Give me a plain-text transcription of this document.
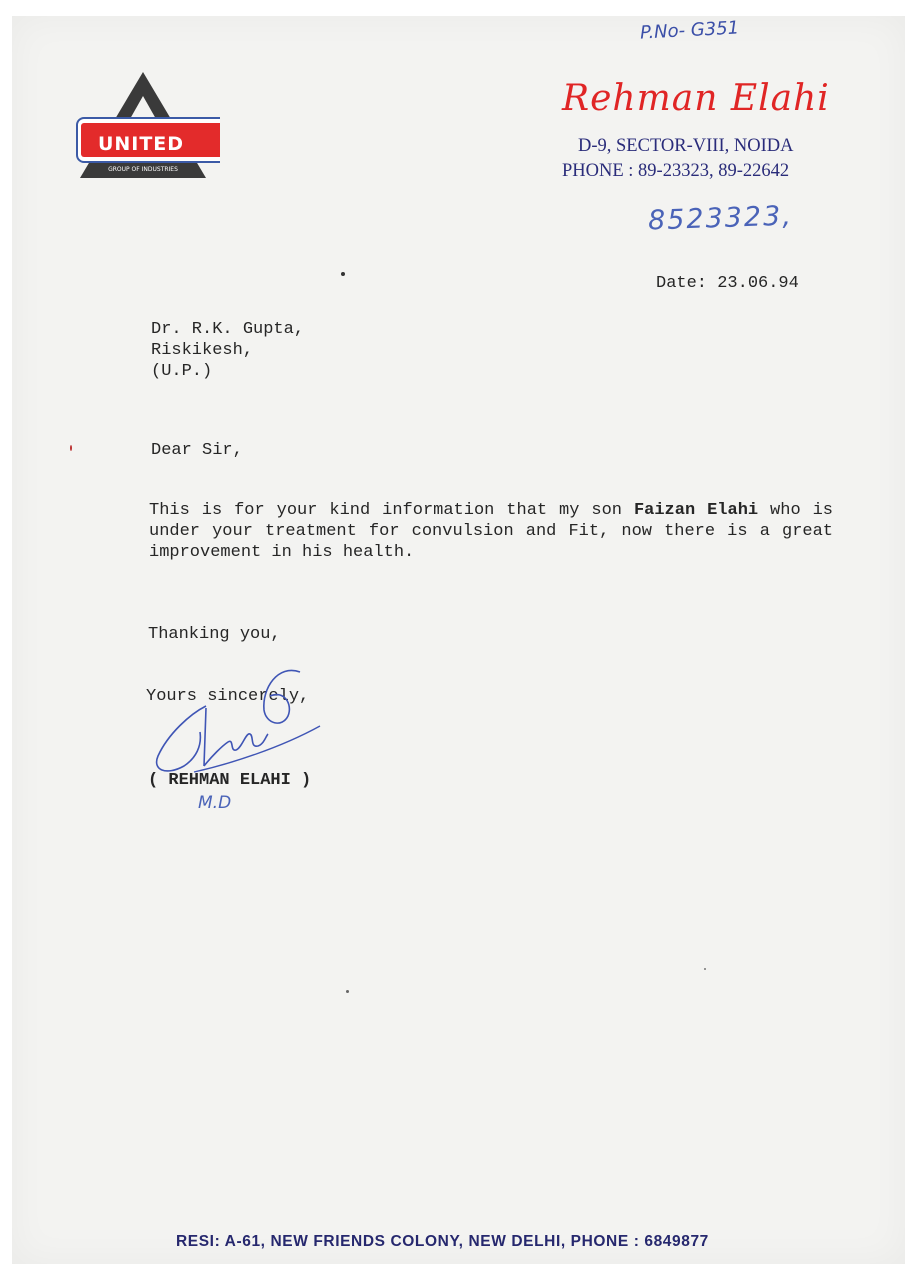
UNITED
GROUP OF INDUSTRIES
P.No- G351
Rehman Elahi
D-9, SECTOR-VIII, NOIDA
PHONE : 89-23323, 89-22642
8523323,
Date: 23.06.94
Dr. R.K. Gupta,
Riskikesh,
(U.P.)
Dear Sir,
This is for your kind information that my son Faizan Elahi who is under your treatment for convulsion and Fit, now there is a great improvement in his health.
Thanking you,
Yours sincerely,
( REHMAN ELAHI )
M.D
RESI: A-61, NEW FRIENDS COLONY, NEW DELHI, PHONE : 6849877
